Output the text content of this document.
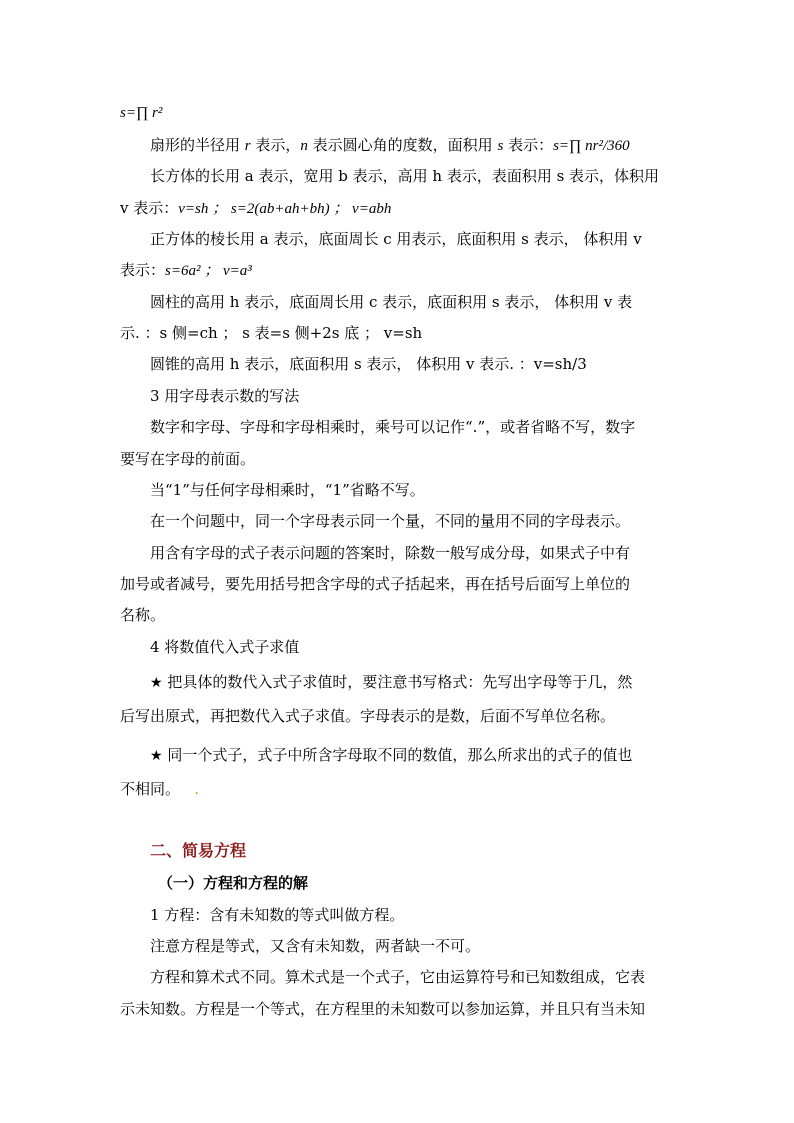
s=∏ r²
扇形的半径用 r 表示，n 表示圆心角的度数，面积用 s 表示：s=∏ nr²/360
长方体的长用 a 表示，宽用 b 表示，高用 h 表示，表面积用 s 表示，体积用
v 表示：v=sh ； s=2(ab+ah+bh) ； v=abh
正方体的棱长用 a 表示，底面周长 c 用表示，底面积用 s 表示， 体积用 v
表示：s=6a² ； v=a³
圆柱的高用 h 表示，底面周长用 c 表示，底面积用 s 表示， 体积用 v 表
示. ：s 侧=ch ； s 表=s 侧+2s 底 ； v=sh
圆锥的高用 h 表示，底面积用 s 表示， 体积用 v 表示. ：v=sh/3
3 用字母表示数的写法
数字和字母、字母和字母相乘时，乘号可以记作“.”，或者省略不写，数字
要写在字母的前面。
当“1”与任何字母相乘时，“1”省略不写。
在一个问题中，同一个字母表示同一个量，不同的量用不同的字母表示。
用含有字母的式子表示问题的答案时，除数一般写成分母，如果式子中有
加号或者减号，要先用括号把含字母的式子括起来，再在括号后面写上单位的
名称。
4 将数值代入式子求值
★ 把具体的数代入式子求值时，要注意书写格式：先写出字母等于几，然
后写出原式，再把数代入式子求值。字母表示的是数，后面不写单位名称。
★ 同一个式子，式子中所含字母取不同的数值，那么所求出的式子的值也
不相同。 .
二、简易方程
（一）方程和方程的解
1 方程：含有未知数的等式叫做方程。
注意方程是等式，又含有未知数，两者缺一不可。
方程和算术式不同。算术式是一个式子，它由运算符号和已知数组成，它表
示未知数。方程是一个等式，在方程里的未知数可以参加运算，并且只有当未知
